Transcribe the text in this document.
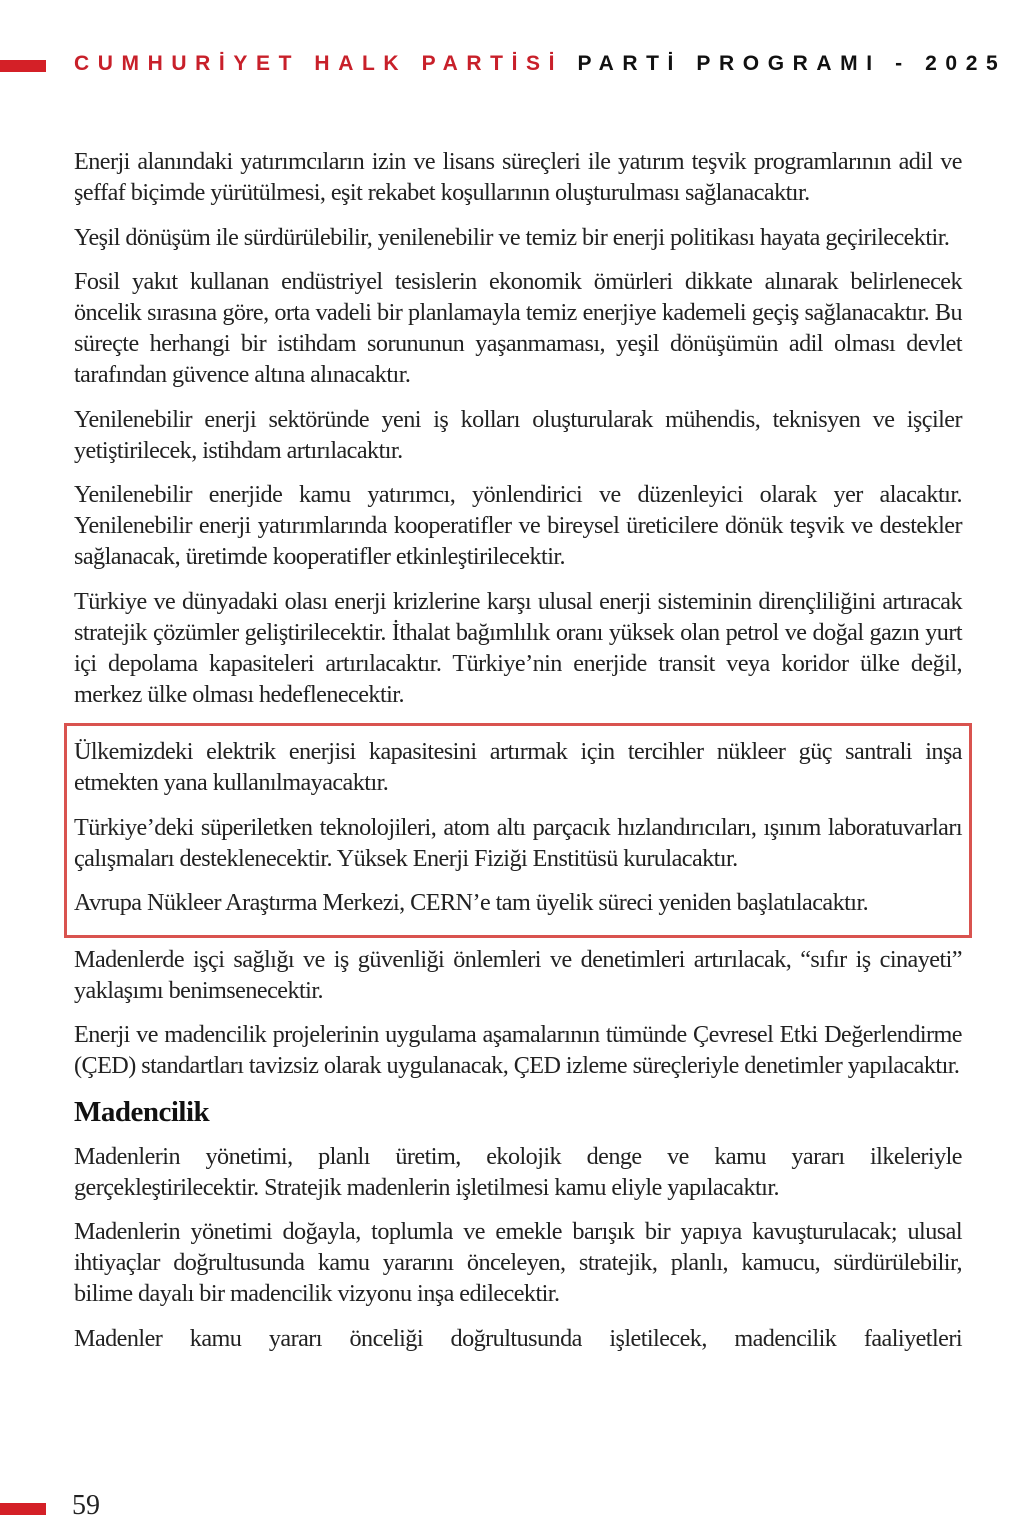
CUMHURİYET HALK PARTİSİ PARTİ PROGRAMI - 2025

Enerji alanındaki yatırımcıların izin ve lisans süreçleri ile yatırım teşvik programlarının adil ve şeffaf biçimde yürütülmesi, eşit rekabet koşullarının oluşturulması sağlanacaktır.

Yeşil dönüşüm ile sürdürülebilir, yenilenebilir ve temiz bir enerji politikası hayata geçirilecektir.

Fosil yakıt kullanan endüstriyel tesislerin ekonomik ömürleri dikkate alınarak belirlenecek öncelik sırasına göre, orta vadeli bir planlamayla temiz enerjiye kademeli geçiş sağlanacaktır. Bu süreçte herhangi bir istihdam sorununun yaşanmaması, yeşil dönüşümün adil olması devlet tarafından güvence altına alınacaktır.

Yenilenebilir enerji sektöründe yeni iş kolları oluşturularak mühendis, teknisyen ve işçiler yetiştirilecek, istihdam artırılacaktır.

Yenilenebilir enerjide kamu yatırımcı, yönlendirici ve düzenleyici olarak yer alacaktır. Yenilenebilir enerji yatırımlarında kooperatifler ve bireysel üreticilere dönük teşvik ve destekler sağlanacak, üretimde kooperatifler etkinleştirilecektir.

Türkiye ve dünyadaki olası enerji krizlerine karşı ulusal enerji sisteminin dirençliliğini artıracak stratejik çözümler geliştirilecektir. İthalat bağımlılık oranı yüksek olan petrol ve doğal gazın yurt içi depolama kapasiteleri artırılacaktır. Türkiye’nin enerjide transit veya koridor ülke değil, merkez ülke olması hedeflenecektir.

Ülkemizdeki elektrik enerjisi kapasitesini artırmak için tercihler nükleer güç santrali inşa etmekten yana kullanılmayacaktır.

Türkiye’deki süperiletken teknolojileri, atom altı parçacık hızlandırıcıları, ışınım laboratuvarları çalışmaları desteklenecektir. Yüksek Enerji Fiziği Enstitüsü kurulacaktır.

Avrupa Nükleer Araştırma Merkezi, CERN’e tam üyelik süreci yeniden başlatılacaktır.

Madenlerde işçi sağlığı ve iş güvenliği önlemleri ve denetimleri artırılacak, “sıfır iş cinayeti” yaklaşımı benimsenecektir.

Enerji ve madencilik projelerinin uygulama aşamalarının tümünde Çevresel Etki Değerlendirme (ÇED) standartları tavizsiz olarak uygulanacak, ÇED izleme süreçleriyle denetimler yapılacaktır.

Madencilik

Madenlerin yönetimi, planlı üretim, ekolojik denge ve kamu yararı ilkeleriyle gerçekleştirilecektir. Stratejik madenlerin işletilmesi kamu eliyle yapılacaktır.

Madenlerin yönetimi doğayla, toplumla ve emekle barışık bir yapıya kavuşturulacak; ulusal ihtiyaçlar doğrultusunda kamu yararını önceleyen, stratejik, planlı, kamucu, sürdürülebilir, bilime dayalı bir madencilik vizyonu inşa edilecektir.

Madenler kamu yararı önceliği doğrultusunda işletilecek, madencilik faaliyetleri

59
